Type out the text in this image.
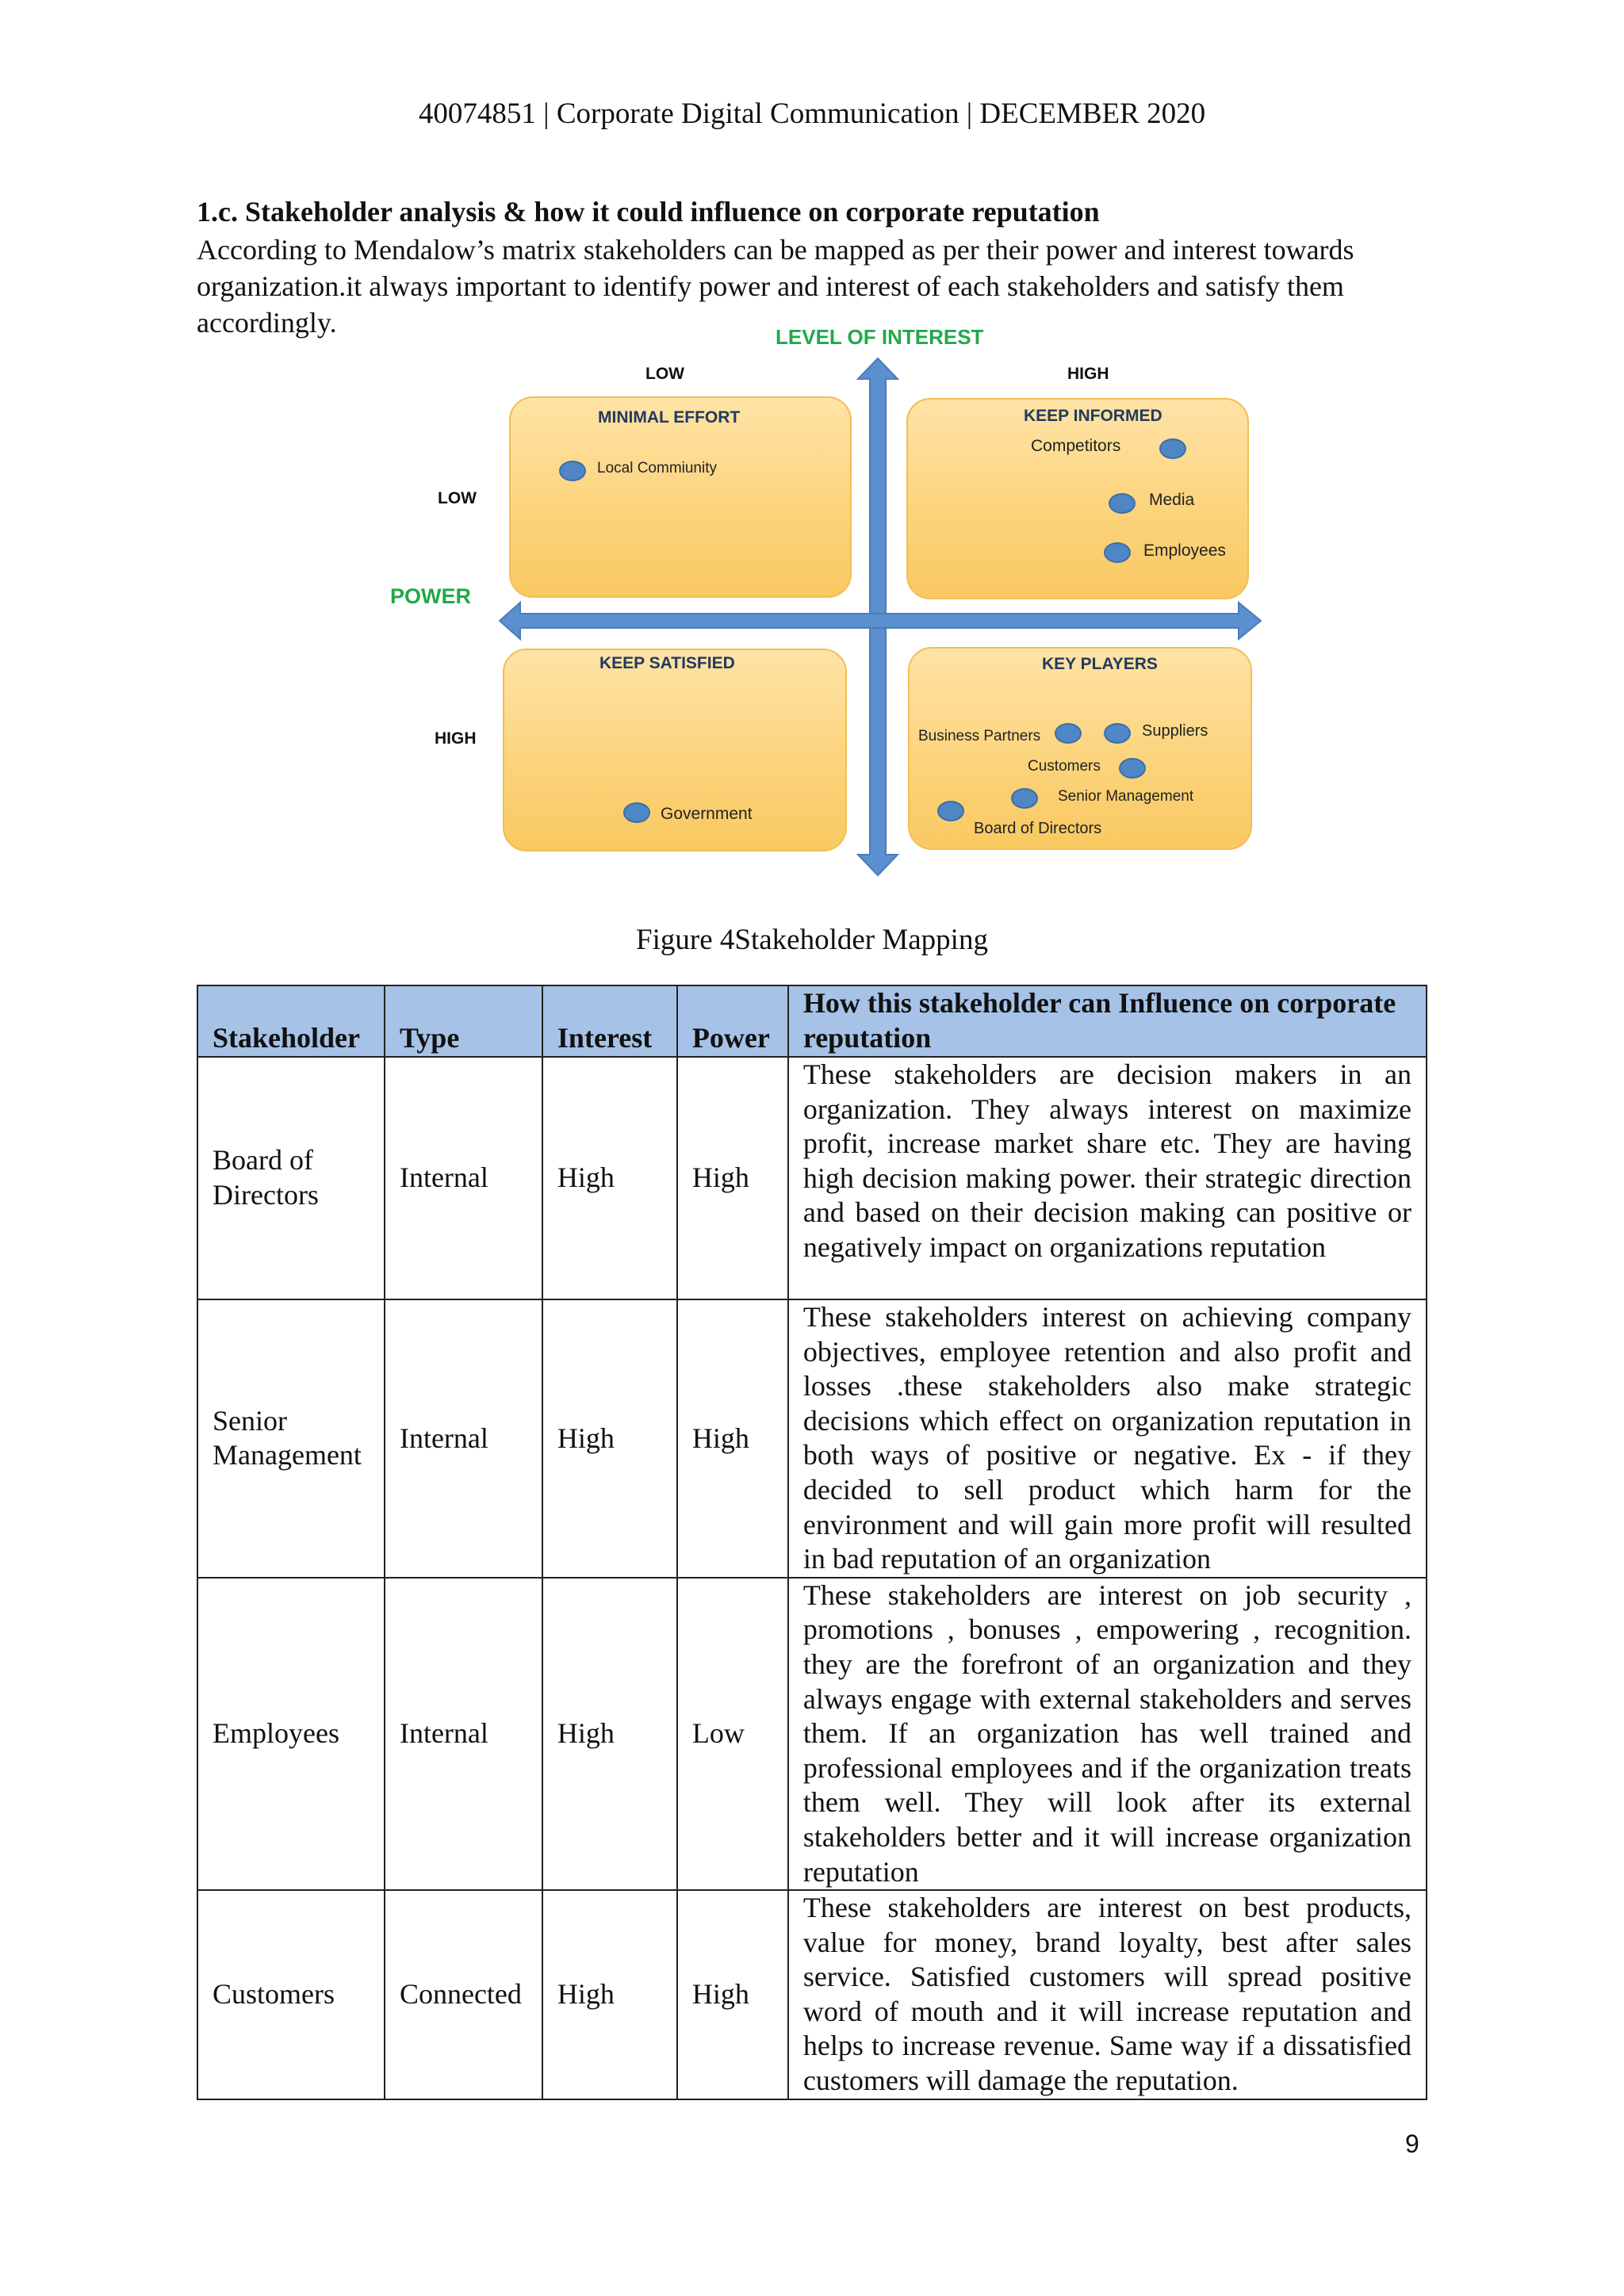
40074851 | Corporate Digital Communication | DECEMBER 2020
1.c. Stakeholder analysis & how it could influence on corporate reputation
According to Mendalow’s matrix stakeholders can be mapped as per their power and interest towards
organization.it always important to identify power and interest of each stakeholders and satisfy them
accordingly.	LEVEL OF INTEREST
LOW	HIGH
LOW
HIGH
POWER
MINIMAL EFFORT
Local Commiunity
KEEP INFORMED
Competitors
Media
Employees
KEEP SATISFIED
Government
KEY PLAYERS
Business Partners	Suppliers
Customers
Senior Management
Board of Directors
Figure 4Stakeholder Mapping
Stakeholder	Type	Interest	Power	How this stakeholder can Influence on corporate reputation
Board of Directors	Internal	High	High	These stakeholders are decision makers in an organization. They always interest on maximize profit, increase market share etc. They are having high decision making power. their strategic direction and based on their decision making can positive or negatively impact on organizations reputation
Senior Management	Internal	High	High	These stakeholders interest on achieving company objectives, employee retention and also profit and losses .these stakeholders also make strategic decisions which effect on organization reputation in both ways of positive or negative. Ex - if they decided to sell product which harm for the environment and will gain more profit will resulted in bad reputation of an organization
Employees	Internal	High	Low	These stakeholders are interest on job security , promotions , bonuses , empowering , recognition. they are the forefront of an organization and they always engage with external stakeholders and serves them. If an organization has well trained and professional employees and if the organization treats them well. They will look after its external stakeholders better and it will increase organization reputation
Customers	Connected	High	High	These stakeholders are interest on best products, value for money, brand loyalty, best after sales service. Satisfied customers will spread positive word of mouth and it will increase reputation and helps to increase revenue. Same way if a dissatisfied customers will damage the reputation.
9
